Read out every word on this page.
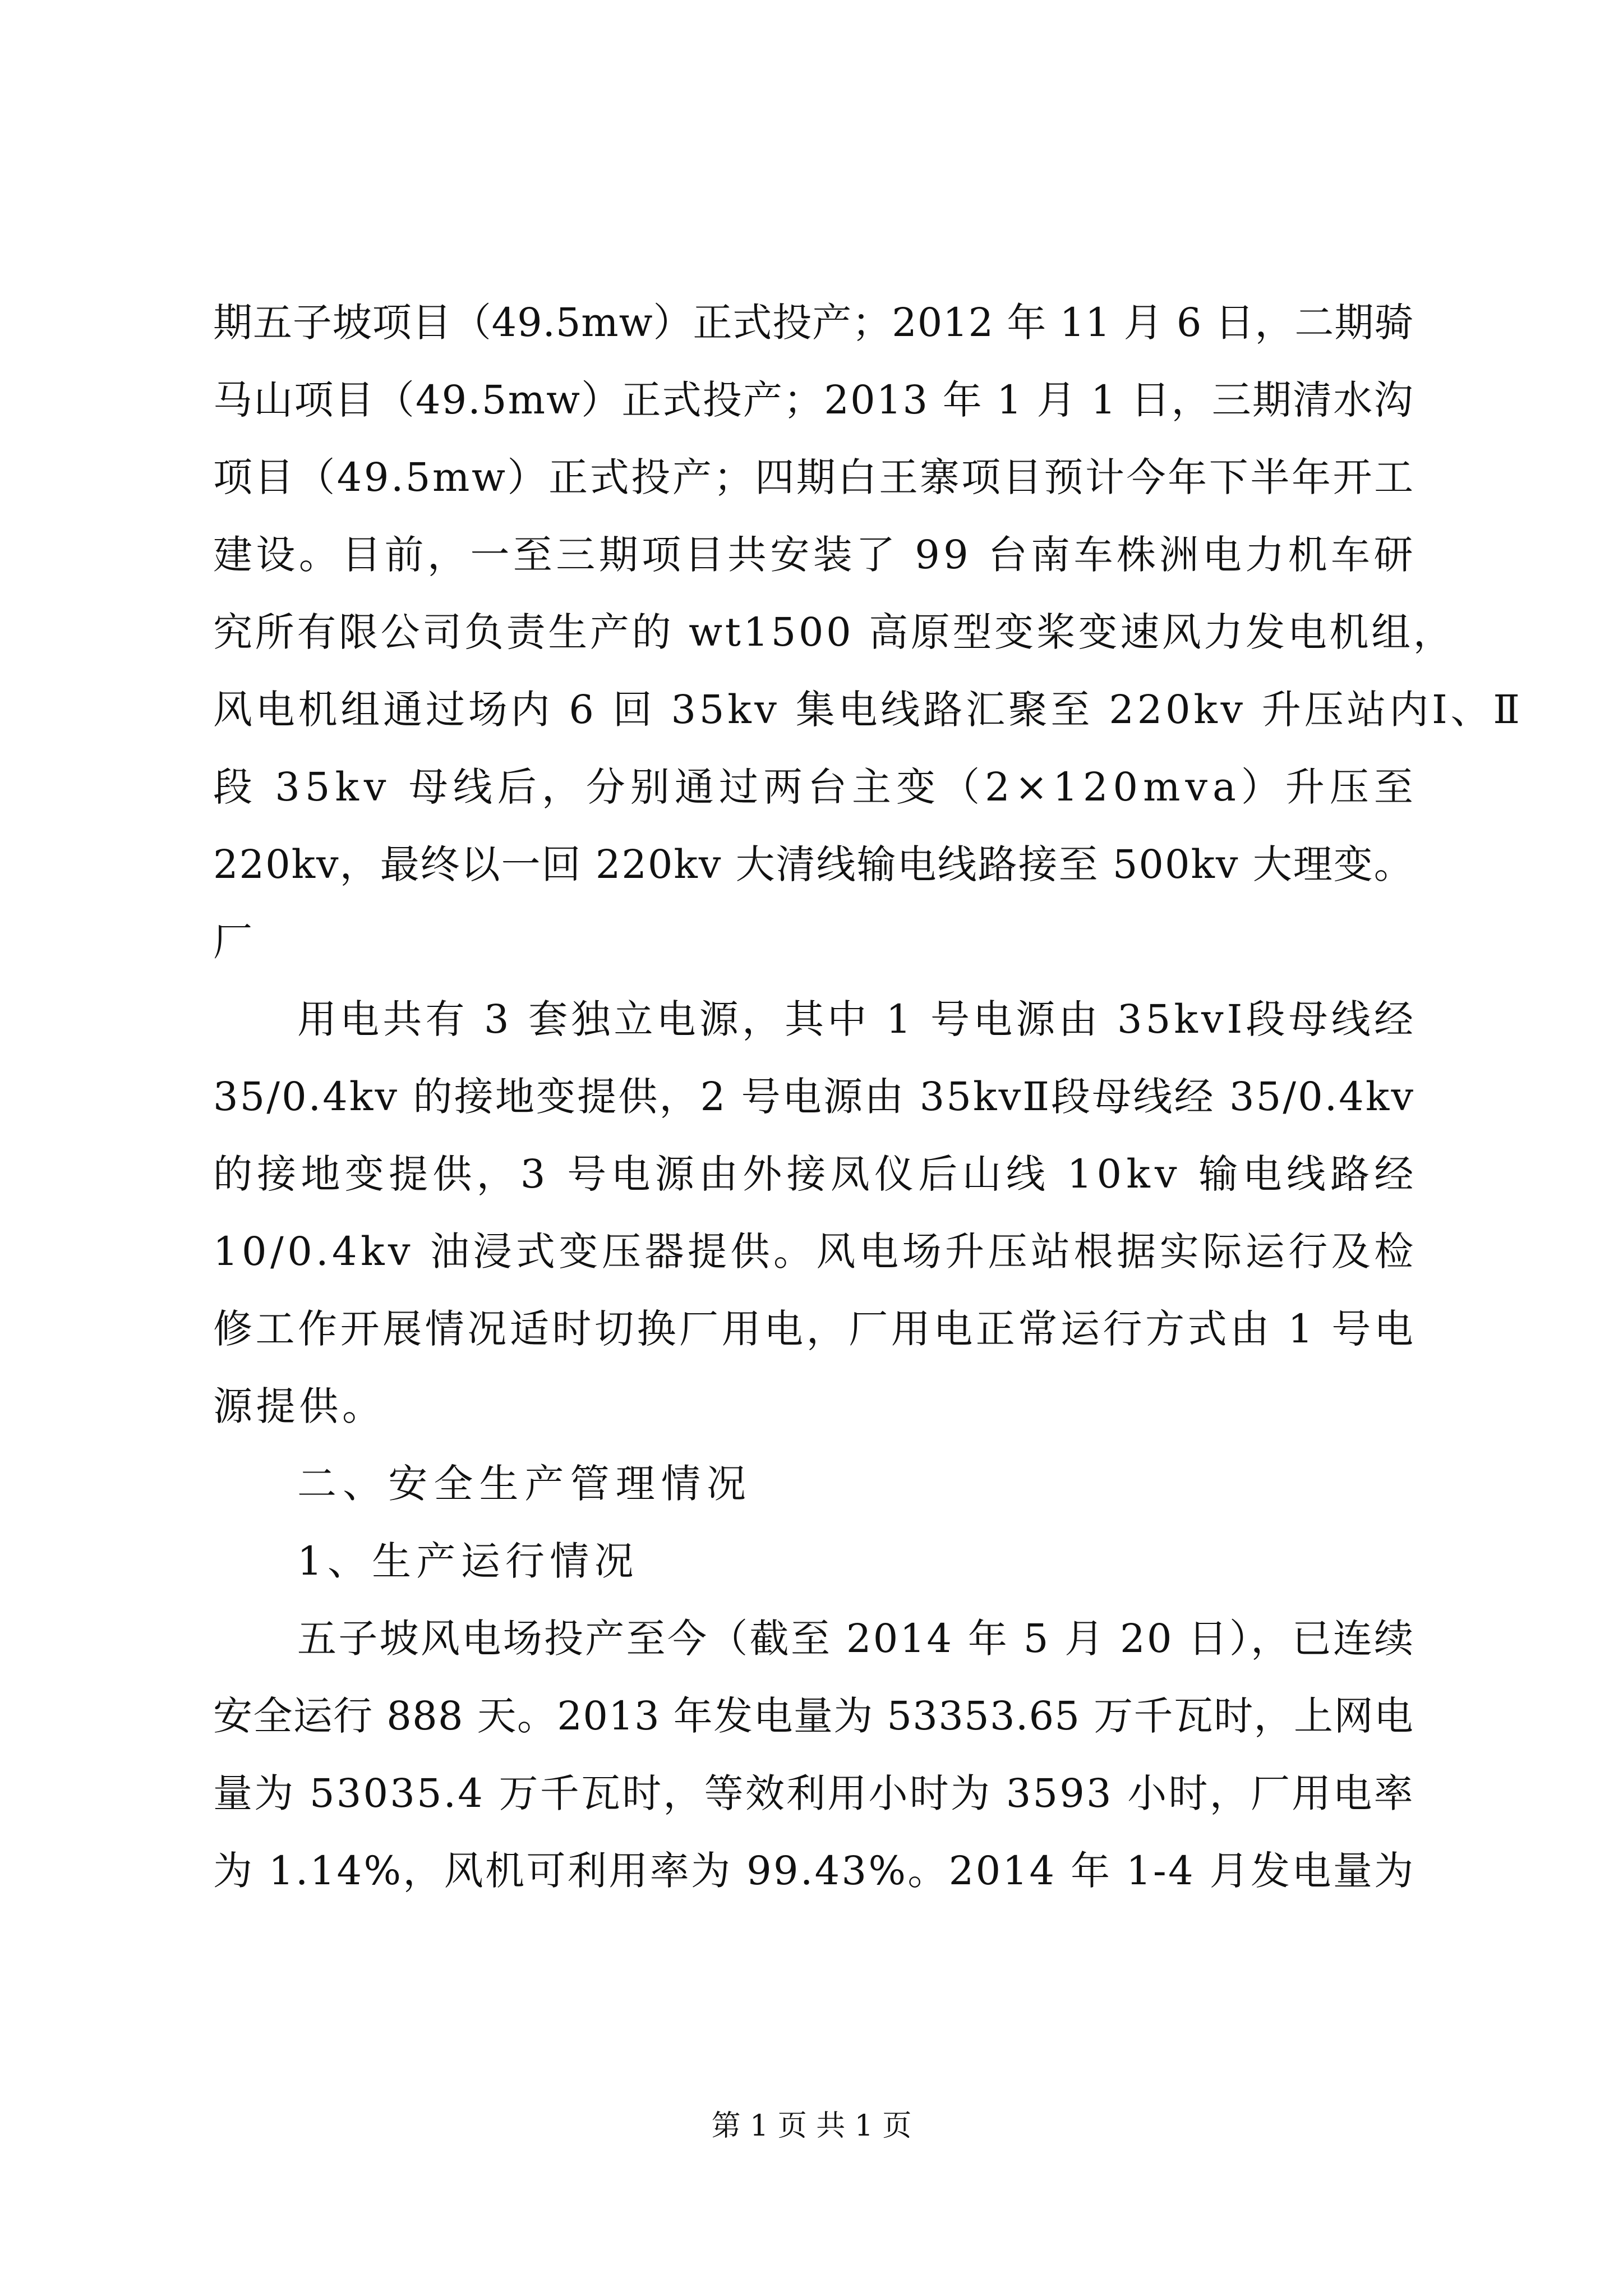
期五子坡项目（49.5mw）正式投产；2012 年 11 月 6 日，二期骑
马山项目（49.5mw）正式投产；2013 年 1 月 1 日，三期清水沟
项目（49.5mw）正式投产；四期白王寨项目预计今年下半年开工
建设。目前，一至三期项目共安装了 99 台南车株洲电力机车研
究所有限公司负责生产的 wt1500 高原型变桨变速风力发电机组，
风电机组通过场内 6 回 35kv 集电线路汇聚至 220kv 升压站内Ⅰ、Ⅱ
段 35kv 母线后，分别通过两台主变（2×120mva）升压至
220kv，最终以一回 220kv 大清线输电线路接至 500kv 大理变。
厂
用电共有 3 套独立电源，其中 1 号电源由 35kvⅠ段母线经
35/0.4kv 的接地变提供，2 号电源由 35kvⅡ段母线经 35/0.4kv
的接地变提供，3 号电源由外接凤仪后山线 10kv 输电线路经
10/0.4kv 油浸式变压器提供。风电场升压站根据实际运行及检
修工作开展情况适时切换厂用电，厂用电正常运行方式由 1 号电
源提供。
二、安全生产管理情况
1、生产运行情况
五子坡风电场投产至今（截至 2014 年 5 月 20 日），已连续
安全运行 888 天。2013 年发电量为 53353.65 万千瓦时，上网电
量为 53035.4 万千瓦时，等效利用小时为 3593 小时，厂用电率
为 1.14%，风机可利用率为 99.43%。2014 年 1-4 月发电量为
第 1 页 共 1 页
